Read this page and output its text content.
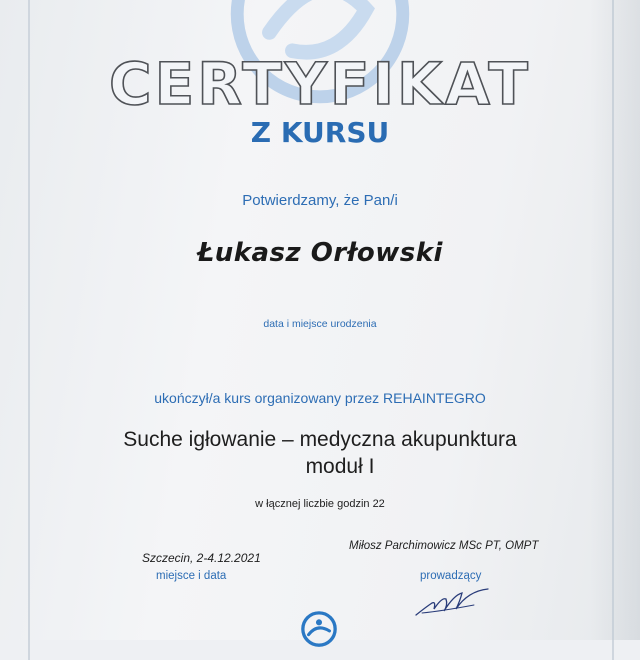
CERTYFIKAT
Z KURSU
Potwierdzamy, że Pan/i
Łukasz Orłowski
data i miejsce urodzenia
ukończył/a kurs organizowany przez REHAINTEGRO
Suche igłowanie – medyczna akupunktura
moduł I
w łącznej liczbie godzin 22
Szczecin, 2-4.12.2021
miejsce i data
Miłosz Parchimowicz MSc PT, OMPT
prowadzący
